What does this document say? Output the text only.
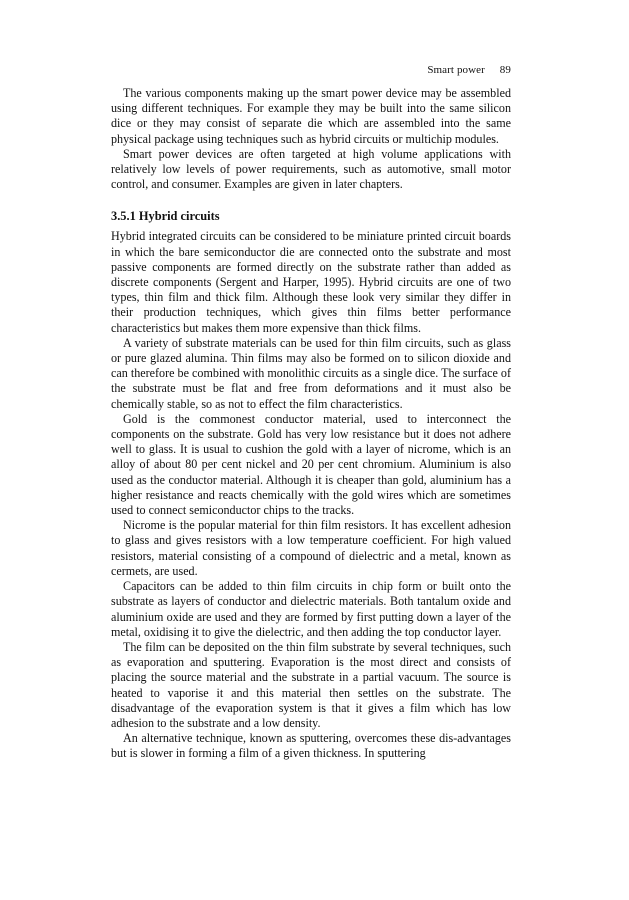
Smart power 89

The various components making up the smart power device may be assembled using different techniques. For example they may be built into the same silicon dice or they may consist of separate die which are assembled into the same physical package using techniques such as hybrid circuits or multichip modules.

Smart power devices are often targeted at high volume applications with relatively low levels of power requirements, such as automotive, small motor control, and consumer. Examples are given in later chapters.

3.5.1 Hybrid circuits

Hybrid integrated circuits can be considered to be miniature printed circuit boards in which the bare semiconductor die are connected onto the substrate and most passive components are formed directly on the substrate rather than added as discrete components (Sergent and Harper, 1995). Hybrid circuits are one of two types, thin film and thick film. Although these look very similar they differ in their production techniques, which gives thin films better performance characteristics but makes them more expensive than thick films.

A variety of substrate materials can be used for thin film circuits, such as glass or pure glazed alumina. Thin films may also be formed on to silicon dioxide and can therefore be combined with monolithic circuits as a single dice. The surface of the substrate must be flat and free from deformations and it must also be chemically stable, so as not to effect the film characteristics.

Gold is the commonest conductor material, used to interconnect the components on the substrate. Gold has very low resistance but it does not adhere well to glass. It is usual to cushion the gold with a layer of nicrome, which is an alloy of about 80 per cent nickel and 20 per cent chromium. Aluminium is also used as the conductor material. Although it is cheaper than gold, aluminium has a higher resistance and reacts chemically with the gold wires which are sometimes used to connect semiconductor chips to the tracks.

Nicrome is the popular material for thin film resistors. It has excellent adhesion to glass and gives resistors with a low temperature coefficient. For high valued resistors, material consisting of a compound of dielectric and a metal, known as cermets, are used.

Capacitors can be added to thin film circuits in chip form or built onto the substrate as layers of conductor and dielectric materials. Both tantalum oxide and aluminium oxide are used and they are formed by first putting down a layer of the metal, oxidising it to give the dielectric, and then adding the top conductor layer.

The film can be deposited on the thin film substrate by several techniques, such as evaporation and sputtering. Evaporation is the most direct and consists of placing the source material and the substrate in a partial vacuum. The source is heated to vaporise it and this material then settles on the substrate. The disadvantage of the evaporation system is that it gives a film which has low adhesion to the substrate and a low density.

An alternative technique, known as sputtering, overcomes these dis-advantages but is slower in forming a film of a given thickness. In sputtering
